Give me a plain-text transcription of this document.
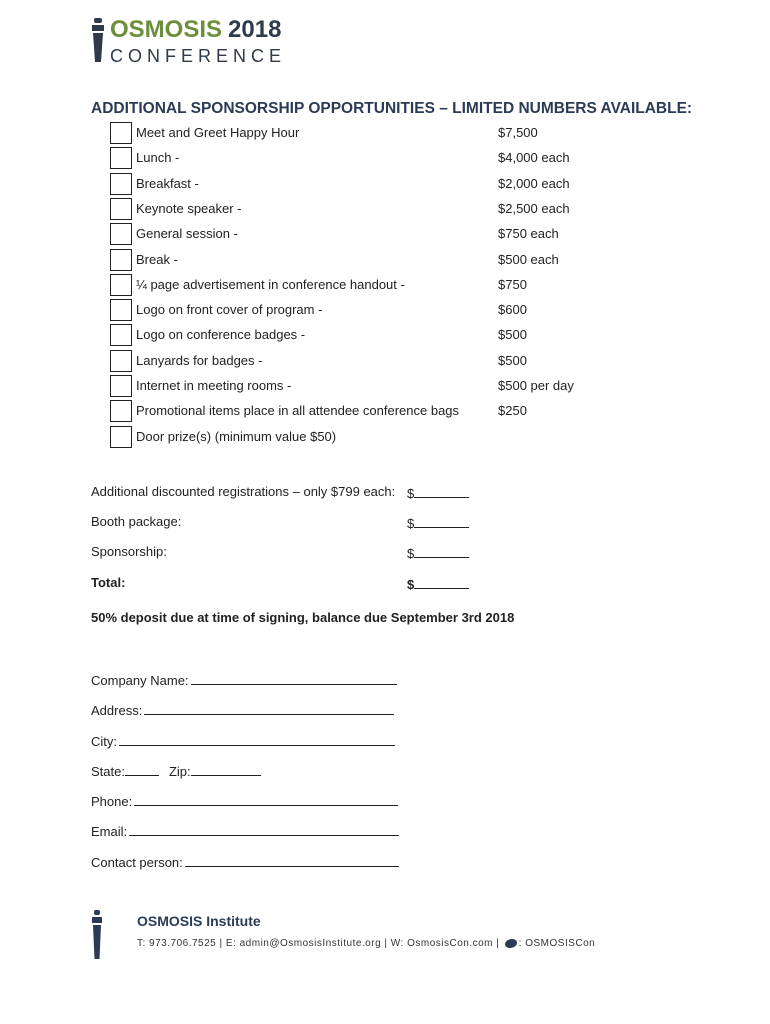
OSMOSIS 2018
CONFERENCE
ADDITIONAL SPONSORSHIP OPPORTUNITIES – LIMITED NUMBERS AVAILABLE:
Meet and Greet Happy Hour	$7,500
Lunch -	$4,000 each
Breakfast -	$2,000 each
Keynote speaker -	$2,500 each
General session -	$750 each
Break -	$500 each
¼ page advertisement in conference handout -	$750
Logo on front cover of program -	$600
Logo on conference badges -	$500
Lanyards for badges -	$500
Internet in meeting rooms -	$500 per day
Promotional items place in all attendee conference bags	$250
Door prize(s) (minimum value $50)
Additional discounted registrations – only $799 each: $
Booth package:	$
Sponsorship:	$
Total:	$
50% deposit due at time of signing, balance due September 3rd 2018
Company Name:
Address:
City:
State:	Zip:
Phone:
Email:
Contact person:
OSMOSIS Institute
T: 973.706.7525 | E: admin@OsmosisInstitute.org | W: OsmosisCon.com | : OSMOSISCon
